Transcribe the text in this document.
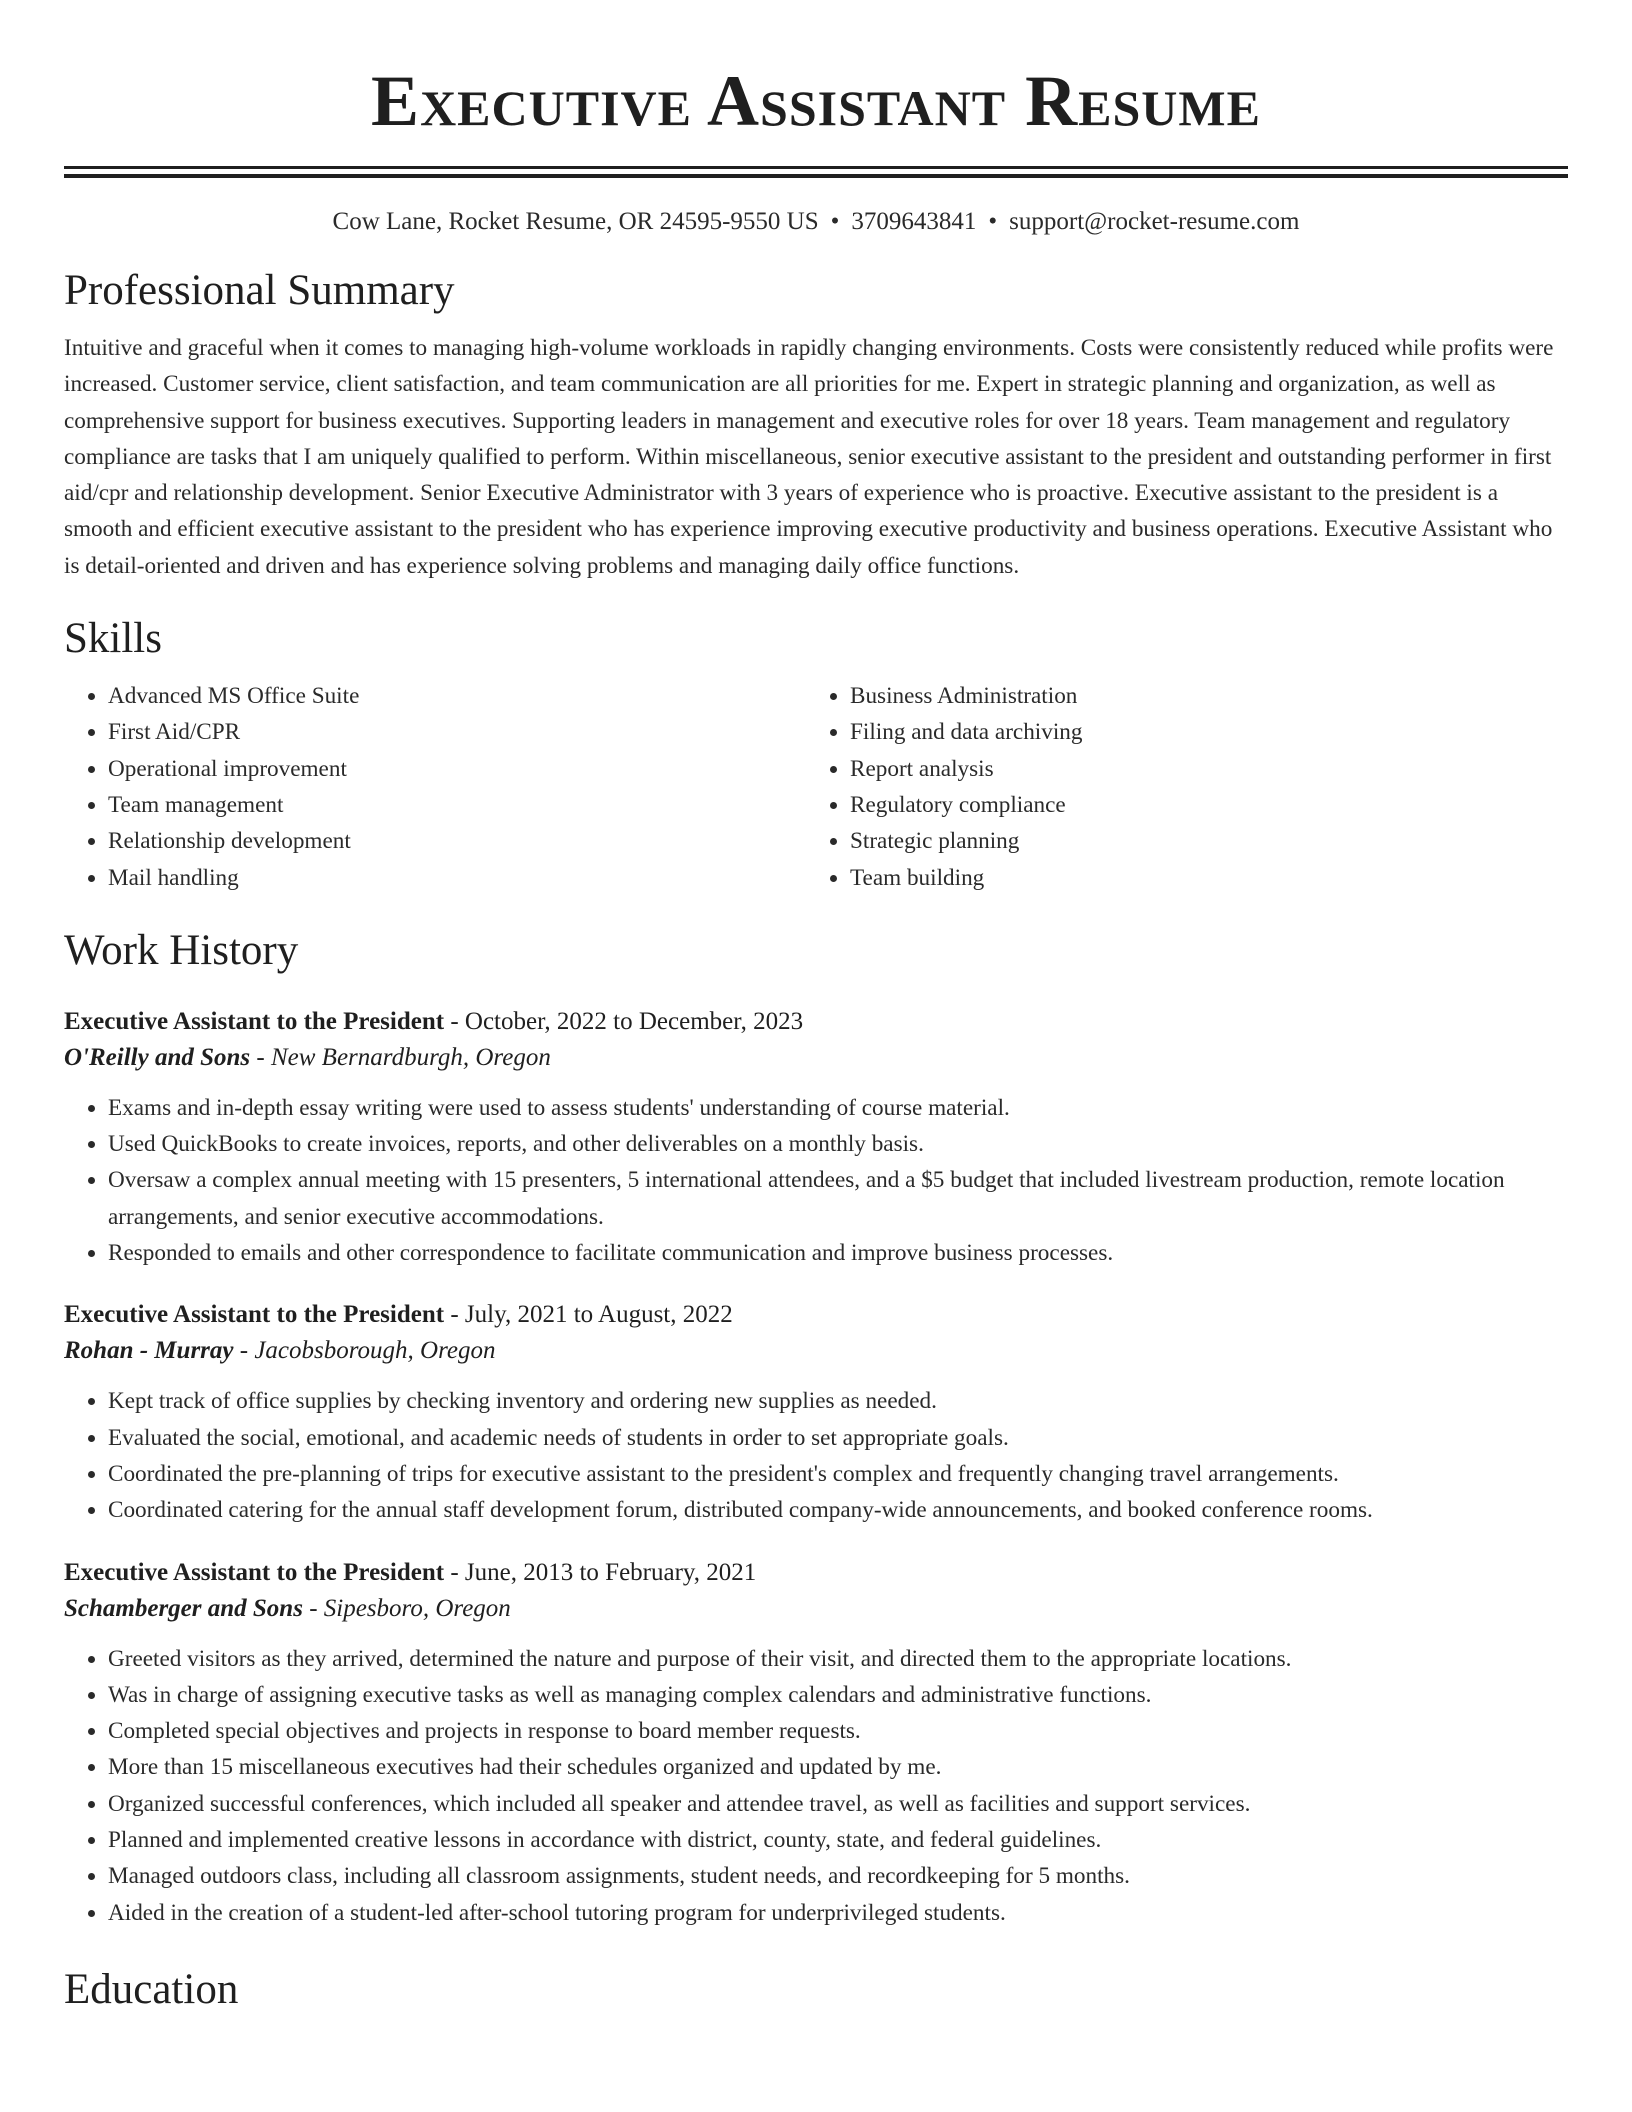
Executive Assistant Resume
Cow Lane, Rocket Resume, OR 24595-9550 US • 3709643841 • support@rocket-resume.com
Professional Summary

Intuitive and graceful when it comes to managing high-volume workloads in rapidly changing environments. Costs were consistently reduced while profits were increased. Customer service, client satisfaction, and team communication are all priorities for me. Expert in strategic planning and organization, as well as comprehensive support for business executives. Supporting leaders in management and executive roles for over 18 years. Team management and regulatory compliance are tasks that I am uniquely qualified to perform. Within miscellaneous, senior executive assistant to the president and outstanding performer in first aid/cpr and relationship development. Senior Executive Administrator with 3 years of experience who is proactive. Executive assistant to the president is a smooth and efficient executive assistant to the president who has experience improving executive productivity and business operations. Executive Assistant who is detail-oriented and driven and has experience solving problems and managing daily office functions.

Skills
• Advanced MS Office Suite
• First Aid/CPR
• Operational improvement
• Team management
• Relationship development
• Mail handling
• Business Administration
• Filing and data archiving
• Report analysis
• Regulatory compliance
• Strategic planning
• Team building
Work History
Executive Assistant to the President - October, 2022 to December, 2023
O'Reilly and Sons - New Bernardburgh, Oregon
• Exams and in-depth essay writing were used to assess students' understanding of course material.
• Used QuickBooks to create invoices, reports, and other deliverables on a monthly basis.
• Oversaw a complex annual meeting with 15 presenters, 5 international attendees, and a $5 budget that included livestream production, remote location arrangements, and senior executive accommodations.
• Responded to emails and other correspondence to facilitate communication and improve business processes.
Executive Assistant to the President - July, 2021 to August, 2022
Rohan - Murray - Jacobsborough, Oregon
• Kept track of office supplies by checking inventory and ordering new supplies as needed.
• Evaluated the social, emotional, and academic needs of students in order to set appropriate goals.
• Coordinated the pre-planning of trips for executive assistant to the president's complex and frequently changing travel arrangements.
• Coordinated catering for the annual staff development forum, distributed company-wide announcements, and booked conference rooms.
Executive Assistant to the President - June, 2013 to February, 2021
Schamberger and Sons - Sipesboro, Oregon
• Greeted visitors as they arrived, determined the nature and purpose of their visit, and directed them to the appropriate locations.
• Was in charge of assigning executive tasks as well as managing complex calendars and administrative functions.
• Completed special objectives and projects in response to board member requests.
• More than 15 miscellaneous executives had their schedules organized and updated by me.
• Organized successful conferences, which included all speaker and attendee travel, as well as facilities and support services.
• Planned and implemented creative lessons in accordance with district, county, state, and federal guidelines.
• Managed outdoors class, including all classroom assignments, student needs, and recordkeeping for 5 months.
• Aided in the creation of a student-led after-school tutoring program for underprivileged students.
Education
